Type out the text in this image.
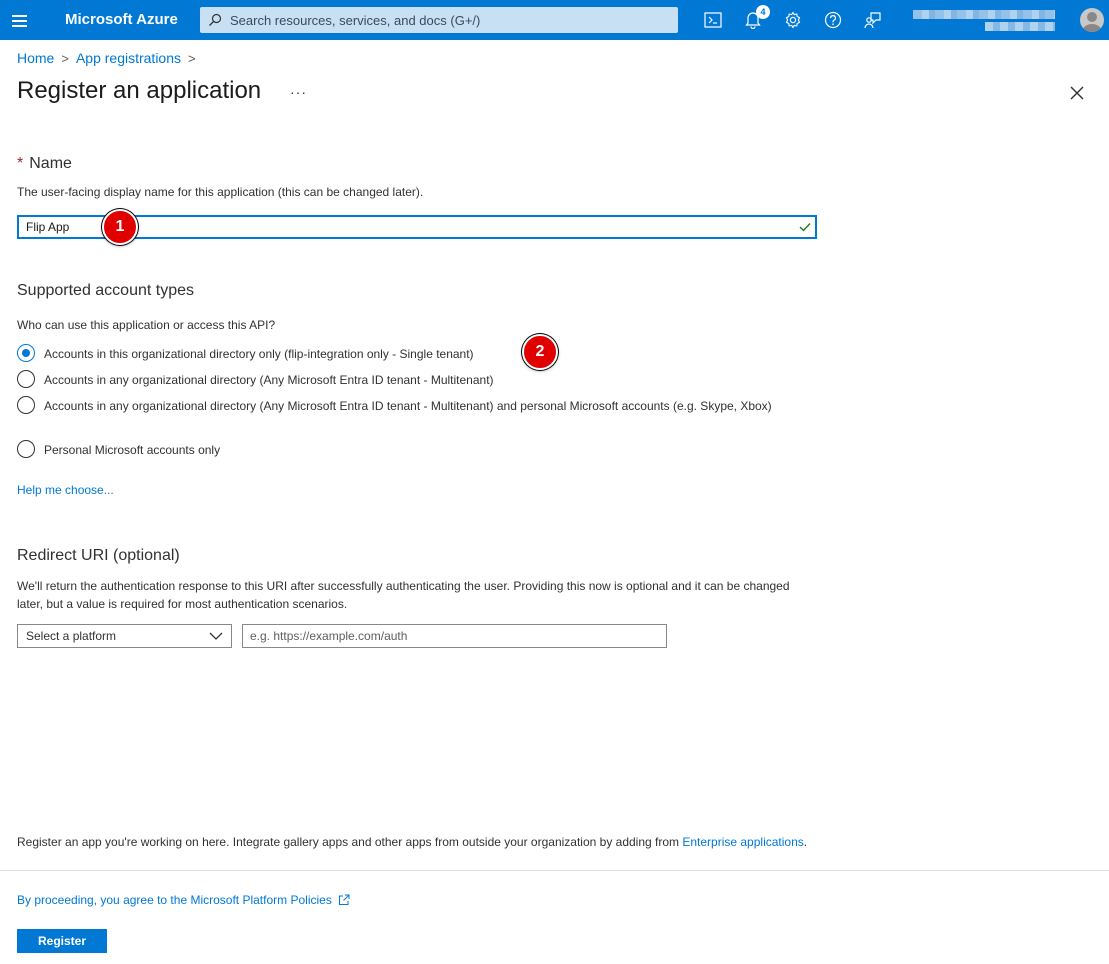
Microsoft Azure
Search resources, services, and docs (G+/)	4
Home > App registrations >
Register an application ···
* Name
The user-facing display name for this application (this can be changed later).
Flip App
1
Supported account types
Who can use this application or access this API?
Accounts in this organizational directory only (flip-integration only - Single tenant)	2
Accounts in any organizational directory (Any Microsoft Entra ID tenant - Multitenant)
Accounts in any organizational directory (Any Microsoft Entra ID tenant - Multitenant) and personal Microsoft accounts (e.g. Skype, Xbox)
Personal Microsoft accounts only
Help me choose...
Redirect URI (optional)
We'll return the authentication response to this URI after successfully authenticating the user. Providing this now is optional and it can be changed later, but a value is required for most authentication scenarios.
Select a platform
e.g. https://example.com/auth
Register an app you're working on here. Integrate gallery apps and other apps from outside your organization by adding from Enterprise applications.
By proceeding, you agree to the Microsoft Platform Policies
Register
